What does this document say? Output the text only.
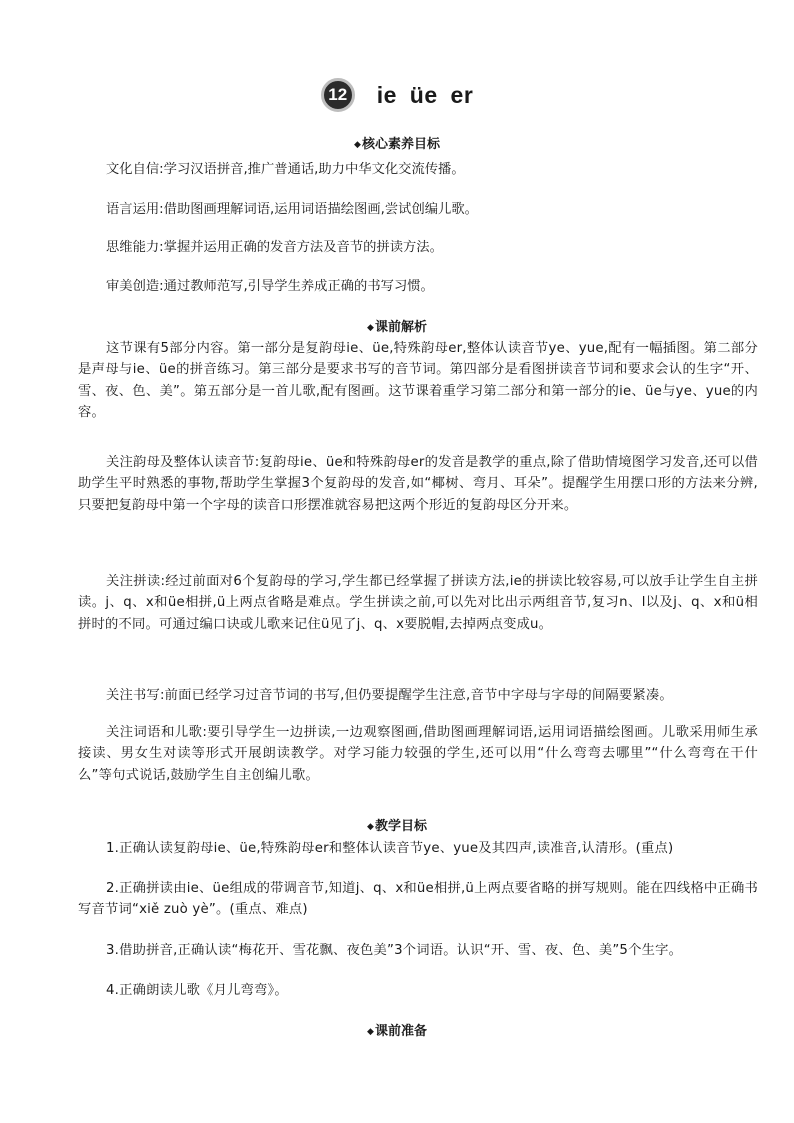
12	ie üe er
◆核心素养目标

文化自信:学习汉语拼音,推广普通话,助力中华文化交流传播。

语言运用:借助图画理解词语,运用词语描绘图画,尝试创编儿歌。

思维能力:掌握并运用正确的发音方法及音节的拼读方法。

审美创造:通过教师范写,引导学生养成正确的书写习惯。

◆课前解析

这节课有5部分内容。第一部分是复韵母ie、üe,特殊韵母er,整体认读音节ye、yue,配有一幅插图。第二部分是声母与ie、üe的拼音练习。第三部分是要求书写的音节词。第四部分是看图拼读音节词和要求会认的生字“开、雪、夜、色、美”。第五部分是一首儿歌,配有图画。这节课着重学习第二部分和第一部分的ie、üe与ye、yue的内容。

关注韵母及整体认读音节:复韵母ie、üe和特殊韵母er的发音是教学的重点,除了借助情境图学习发音,还可以借助学生平时熟悉的事物,帮助学生掌握3个复韵母的发音,如“椰树、弯月、耳朵”。提醒学生用摆口形的方法来分辨,只要把复韵母中第一个字母的读音口形摆准就容易把这两个形近的复韵母区分开来。

关注拼读:经过前面对6个复韵母的学习,学生都已经掌握了拼读方法,ie的拼读比较容易,可以放手让学生自主拼读。j、q、x和üe相拼,ü上两点省略是难点。学生拼读之前,可以先对比出示两组音节,复习n、l以及j、q、x和ü相拼时的不同。可通过编口诀或儿歌来记住ü见了j、q、x要脱帽,去掉两点变成u。

关注书写:前面已经学习过音节词的书写,但仍要提醒学生注意,音节中字母与字母的间隔要紧凑。

关注词语和儿歌:要引导学生一边拼读,一边观察图画,借助图画理解词语,运用词语描绘图画。儿歌采用师生承接读、男女生对读等形式开展朗读教学。对学习能力较强的学生,还可以用“什么弯弯去哪里”“什么弯弯在干什么”等句式说话,鼓励学生自主创编儿歌。

◆教学目标

1.正确认读复韵母ie、üe,特殊韵母er和整体认读音节ye、yue及其四声,读准音,认清形。(重点)

2.正确拼读由ie、üe组成的带调音节,知道j、q、x和üe相拼,ü上两点要省略的拼写规则。能在四线格中正确书写音节词“xiě zuò yè”。(重点、难点)

3.借助拼音,正确认读“梅花开、雪花飘、夜色美”3个词语。认识“开、雪、夜、色、美”5个生字。

4.正确朗读儿歌《月儿弯弯》。

◆课前准备
